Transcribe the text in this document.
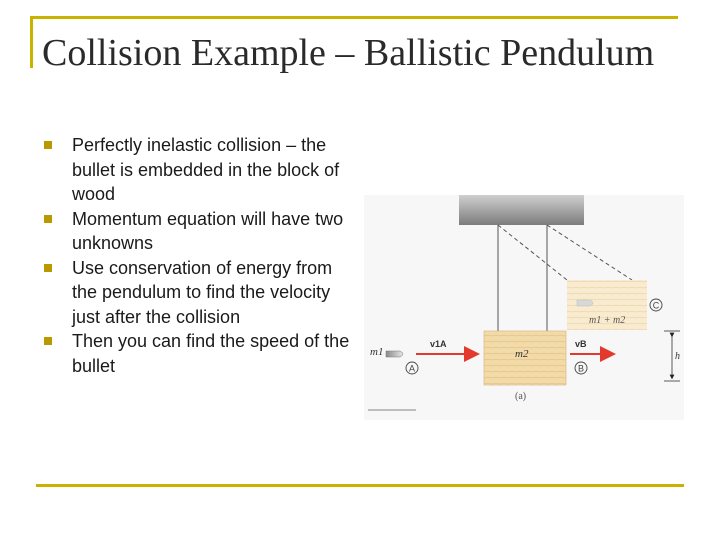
Collision Example – Ballistic Pendulum
Perfectly inelastic collision – the bullet is embedded in the block of wood
Momentum equation will have two unknowns
Use conservation of energy from the pendulum to find the velocity just after the collision
Then you can find the speed of the bullet
m1 + m2
m2
m1
v1A	vB
A	B
C
h
(a)
